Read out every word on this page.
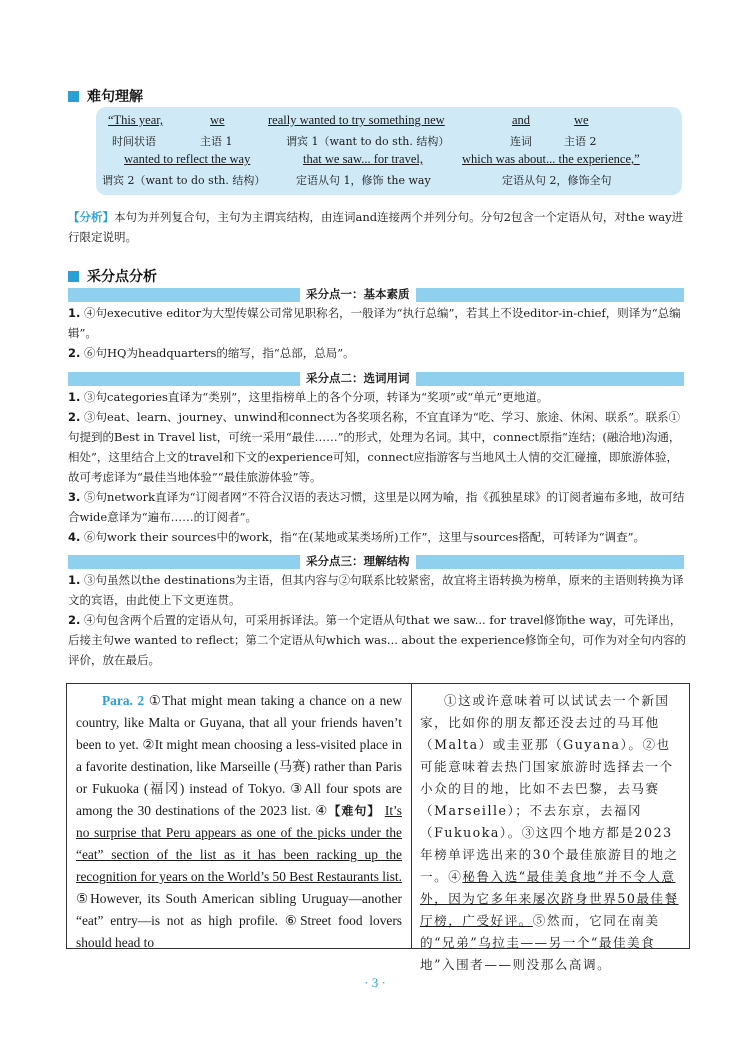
难句理解
“This year,
时间状语
we
主语 1
really wanted to try something new
谓宾 1（want to do sth. 结构）
and
连词
we
主语 2
wanted to reflect the way
谓宾 2（want to do sth. 结构）
that we saw... for travel,
定语从句 1，修饰 the way
which was about... the experience,”
定语从句 2，修饰全句
【分析】本句为并列复合句，主句为主谓宾结构，由连词and连接两个并列分句。分句2包含一个定语从句，对the way进行限定说明。
采分点分析
采分点一：基本素质
1. ④句executive editor为大型传媒公司常见职称名，一般译为“执行总编”，若其上不设editor-in-chief，则译为“总编辑”。
2. ⑥句HQ为headquarters的缩写，指“总部，总局”。
采分点二：选词用词
1. ③句categories直译为“类别”，这里指榜单上的各个分项，转译为“奖项”或“单元”更地道。
2. ③句eat、learn、journey、unwind和connect为各奖项名称，不宜直译为“吃、学习、旅途、休闲、联系”。联系①句提到的Best in Travel list，可统一采用“最佳……”的形式，处理为名词。其中，connect原指“连结；(融洽地)沟通，相处”，这里结合上文的travel和下文的experience可知，connect应指游客与当地风土人情的交汇碰撞，即旅游体验，故可考虑译为“最佳当地体验”“最佳旅游体验”等。
3. ⑤句network直译为“订阅者网”不符合汉语的表达习惯，这里是以网为喻，指《孤独星球》的订阅者遍布多地，故可结合wide意译为“遍布……的订阅者”。
4. ⑥句work their sources中的work，指“在(某地或某类场所)工作”，这里与sources搭配，可转译为“调查”。
采分点三：理解结构
1. ③句虽然以the destinations为主语，但其内容与②句联系比较紧密，故宜将主语转换为榜单，原来的主语则转换为译文的宾语，由此使上下文更连贯。
2. ④句包含两个后置的定语从句，可采用拆译法。第一个定语从句that we saw... for travel修饰the way，可先译出，后接主句we wanted to reflect；第二个定语从句which was... about the experience修饰全句，可作为对全句内容的评价，放在最后。
Para. 2 ①That might mean taking a chance on a new country, like Malta or Guyana, that all your friends haven’t been to yet. ②It might mean choosing a less-visited place in a favorite destination, like Marseille (马赛) rather than Paris or Fukuoka (福冈) instead of Tokyo. ③All four spots are among the 30 destinations of the 2023 list. ④【难句】 It’s no surprise that Peru appears as one of the picks under the “eat” section of the list as it has been racking up the recognition for years on the World’s 50 Best Restaurants list. ⑤However, its South American sibling Uruguay—another “eat” entry—is not as high profile. ⑥Street food lovers should head to
①这或许意味着可以试试去一个新国家，比如你的朋友都还没去过的马耳他（Malta）或圭亚那（Guyana）。②也可能意味着去热门国家旅游时选择去一个小众的目的地，比如不去巴黎，去马赛（Marseille）；不去东京，去福冈（Fukuoka）。③这四个地方都是2023年榜单评选出来的30个最佳旅游目的地之一。④秘鲁入选“最佳美食地”并不令人意外，因为它多年来屡次跻身世界50最佳餐厅榜，广受好评。⑤然而，它同在南美的“兄弟”乌拉圭——另一个“最佳美食地”入围者——则没那么高调。
· 3 ·
